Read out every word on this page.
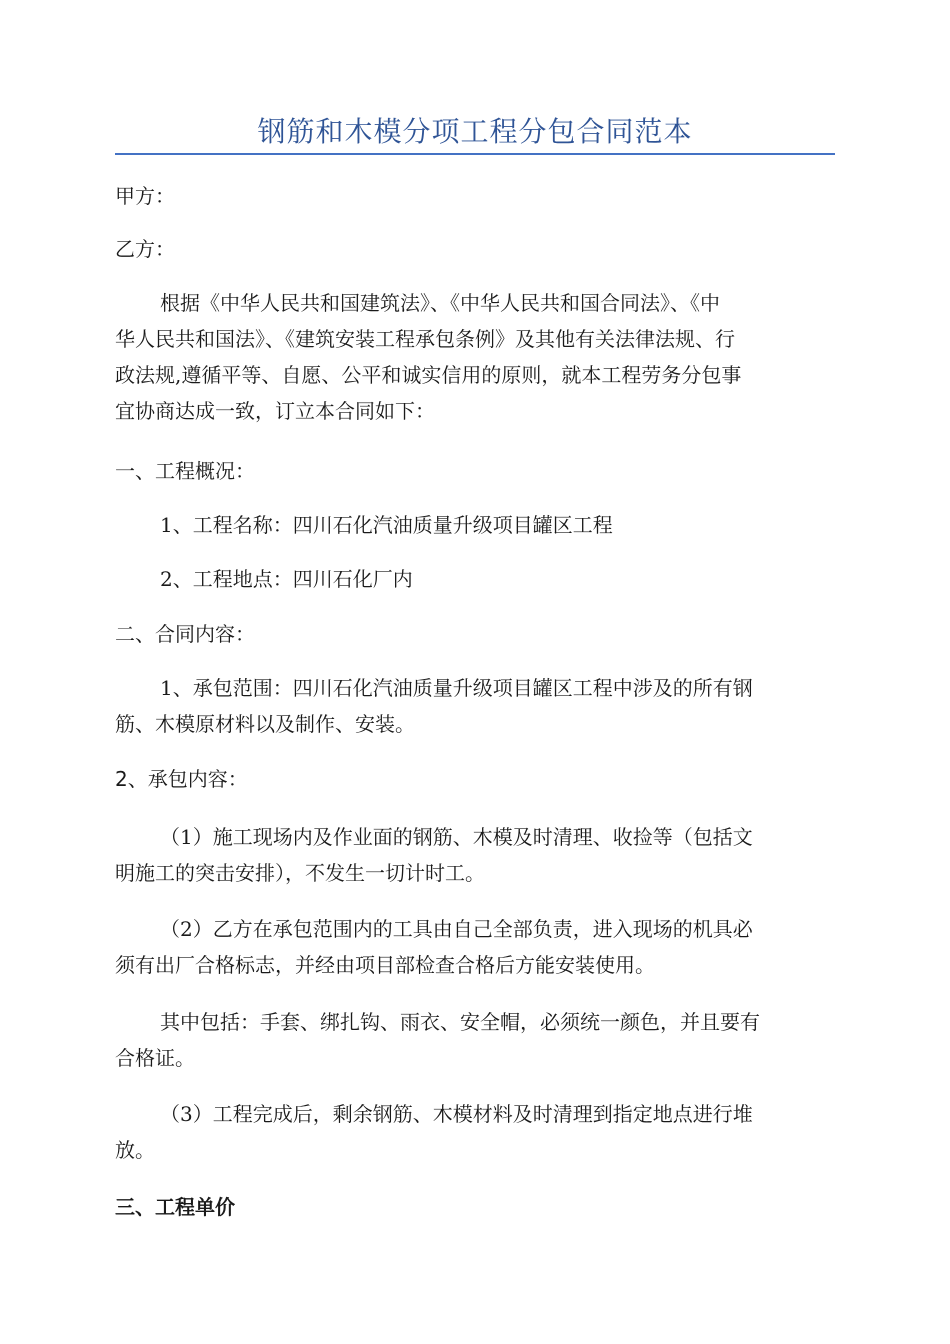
钢筋和木模分项工程分包合同范本

甲方：

乙方：

根据《中华人民共和国建筑法》、《中华人民共和国合同法》、《中
华人民共和国法》、《建筑安装工程承包条例》及其他有关法律法规、行
政法规,遵循平等、自愿、公平和诚实信用的原则，就本工程劳务分包事
宜协商达成一致，订立本合同如下：

一、工程概况：

1、工程名称：四川石化汽油质量升级项目罐区工程

2、工程地点：四川石化厂内

二、合同内容：

1、承包范围：四川石化汽油质量升级项目罐区工程中涉及的所有钢
筋、木模原材料以及制作、安装。

2、承包内容：

（1）施工现场内及作业面的钢筋、木模及时清理、收捡等（包括文
明施工的突击安排），不发生一切计时工。
（2）乙方在承包范围内的工具由自己全部负责，进入现场的机具必
须有出厂合格标志，并经由项目部检查合格后方能安装使用。
其中包括：手套、绑扎钩、雨衣、安全帽，必须统一颜色，并且要有
合格证。
（3）工程完成后，剩余钢筋、木模材料及时清理到指定地点进行堆
放。

三、工程单价
